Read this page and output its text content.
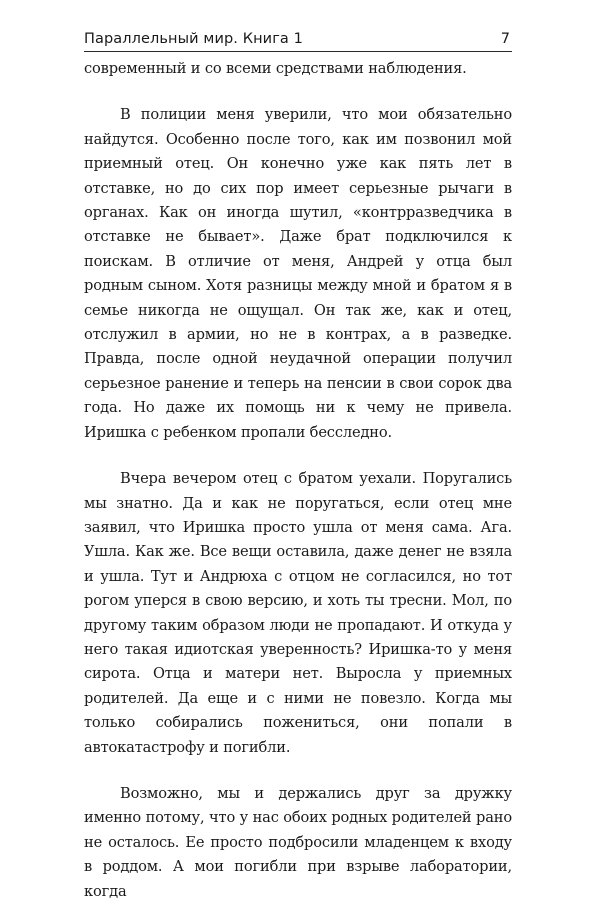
Параллельный мир. Книга 1	7

современный и со всеми средствами наблюдения.

В полиции меня уверили, что мои обязательно найдутся. Особенно после того, как им позвонил мой приемный отец. Он конечно уже как пять лет в отставке, но до сих пор имеет серьезные рычаги в органах. Как он иногда шутил, «контрразведчика в отставке не бывает». Даже брат подключился к поискам. В отличие от меня, Андрей у отца был родным сыном. Хотя разницы между мной и братом я в семье никогда не ощущал. Он так же, как и отец, отслужил в армии, но не в контрах, а в разведке. Правда, после одной неудачной операции получил серьезное ранение и теперь на пенсии в свои сорок два года. Но даже их помощь ни к чему не привела. Иришка с ребенком пропали бесследно.

Вчера вечером отец с братом уехали. Поругались мы знатно. Да и как не поругаться, если отец мне заявил, что Иришка просто ушла от меня сама. Ага. Ушла. Как же. Все вещи оставила, даже денег не взяла и ушла. Тут и Андрюха с отцом не согласился, но тот рогом уперся в свою версию, и хоть ты тресни. Мол, по другому таким образом люди не пропадают. И откуда у него такая идиотская уверенность? Иришка-то у меня сирота. Отца и матери нет. Выросла у приемных родителей. Да еще и с ними не повезло. Когда мы только собирались пожениться, они попали в автокатастрофу и погибли.

Возможно, мы и держались друг за дружку именно потому, что у нас обоих родных родителей рано не осталось. Ее просто подбросили младенцем к входу в роддом. А мои погибли при взрыве лаборатории, когда
